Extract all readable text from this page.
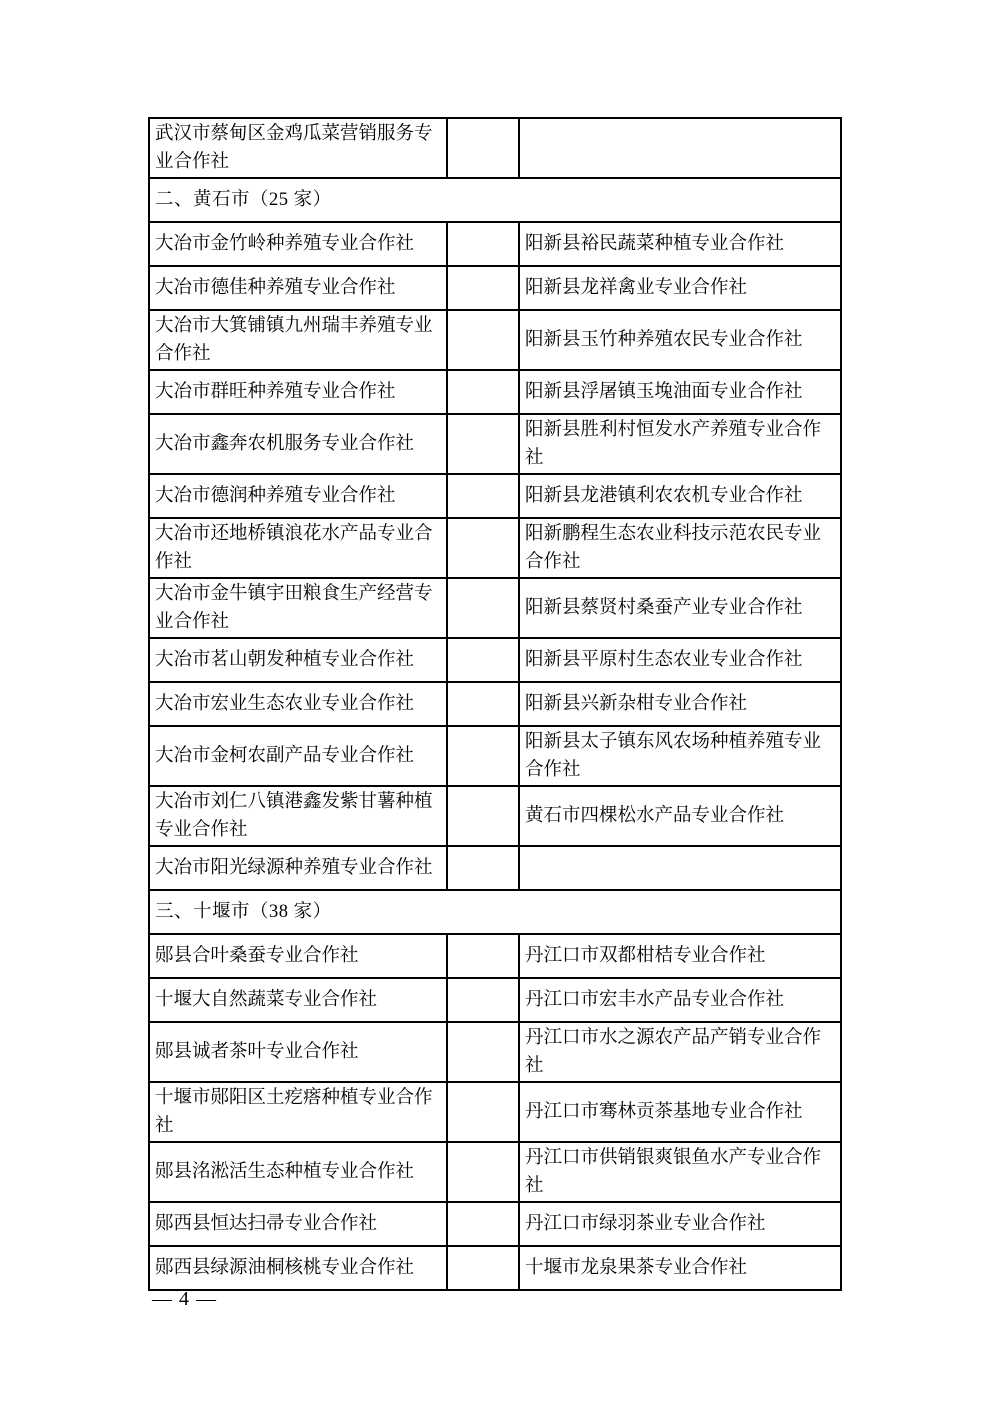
武汉市蔡甸区金鸡瓜菜营销服务专业合作社		
二、黄石市（25 家）		
大冶市金竹岭种养殖专业合作社		阳新县裕民蔬菜种植专业合作社
大冶市德佳种养殖专业合作社		阳新县龙祥禽业专业合作社
大冶市大箕铺镇九州瑞丰养殖专业合作社		阳新县玉竹种养殖农民专业合作社
大冶市群旺种养殖专业合作社		阳新县浮屠镇玉堍油面专业合作社
大冶市鑫奔农机服务专业合作社		阳新县胜利村恒发水产养殖专业合作社
大冶市德润种养殖专业合作社		阳新县龙港镇利农农机专业合作社
大冶市还地桥镇浪花水产品专业合作社		阳新鹏程生态农业科技示范农民专业合作社
大冶市金牛镇宇田粮食生产经营专业合作社		阳新县蔡贤村桑蚕产业专业合作社
大冶市茗山朝发种植专业合作社		阳新县平原村生态农业专业合作社
大冶市宏业生态农业专业合作社		阳新县兴新杂柑专业合作社
大冶市金柯农副产品专业合作社		阳新县太子镇东风农场种植养殖专业合作社
大冶市刘仁八镇港鑫发紫甘薯种植专业合作社		黄石市四棵松水产品专业合作社
大冶市阳光绿源种养殖专业合作社		
三、十堰市（38 家）		
郧县合叶桑蚕专业合作社		丹江口市双都柑桔专业合作社
十堰大自然蔬菜专业合作社		丹江口市宏丰水产品专业合作社
郧县诚者茶叶专业合作社		丹江口市水之源农产品产销专业合作社
十堰市郧阳区土疙瘩种植专业合作社		丹江口市骞林贡茶基地专业合作社
郧县洺淞活生态种植专业合作社		丹江口市供销银爽银鱼水产专业合作社
郧西县恒达扫帚专业合作社		丹江口市绿羽茶业专业合作社
郧西县绿源油桐核桃专业合作社		十堰市龙泉果茶专业合作社
— 4 —
